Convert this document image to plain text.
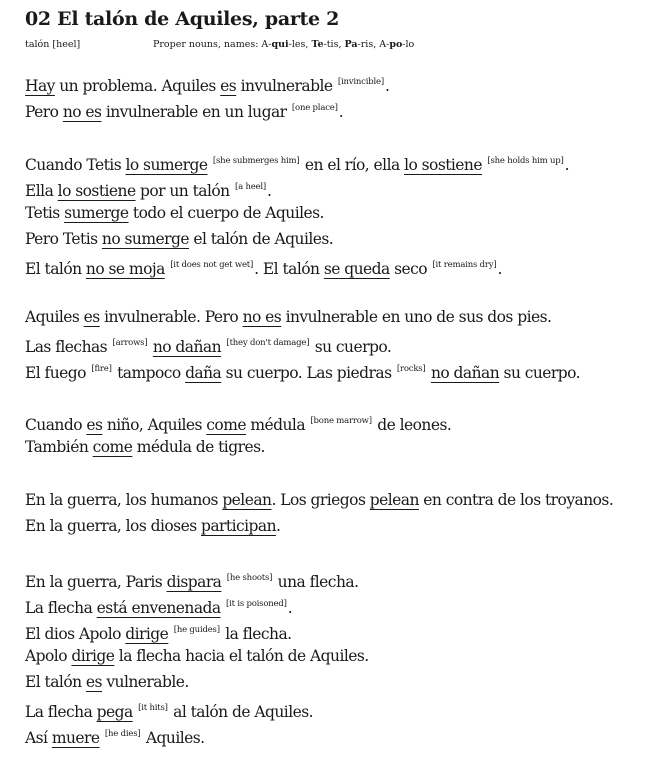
02 El talón de Aquiles, parte 2
talón [heel]	Proper nouns, names: A-qui-les, Te-tis, Pa-ris, A-po-lo
Hay un problema. Aquiles es invulnerable [invincible].
Pero no es invulnerable en un lugar [one place].
Cuando Tetis lo sumerge [she submerges him] en el río, ella lo sostiene [she holds him up].
Ella lo sostiene por un talón [a heel].
Tetis sumerge todo el cuerpo de Aquiles.
Pero Tetis no sumerge el talón de Aquiles.
El talón no se moja [it does not get wet]. El talón se queda seco [it remains dry].
Aquiles es invulnerable. Pero no es invulnerable en uno de sus dos pies.
Las flechas [arrows] no dañan [they don't damage] su cuerpo.
El fuego [fire] tampoco daña su cuerpo. Las piedras [rocks] no dañan su cuerpo.
Cuando es niño, Aquiles come médula [bone marrow] de leones.
También come médula de tigres.
En la guerra, los humanos pelean. Los griegos pelean en contra de los troyanos.
En la guerra, los dioses participan.
En la guerra, Paris dispara [he shoots] una flecha.
La flecha está envenenada [it is poisoned].
El dios Apolo dirige [he guides] la flecha.
Apolo dirige la flecha hacia el talón de Aquiles.
El talón es vulnerable.
La flecha pega [it hits] al talón de Aquiles.
Así muere [he dies] Aquiles.
